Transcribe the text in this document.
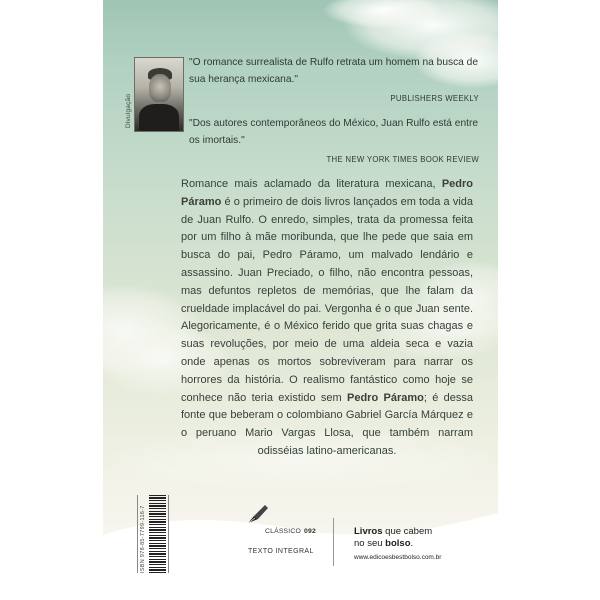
Divulgação
"O romance surrealista de Rulfo retrata um homem na busca de sua herança mexicana."
PUBLISHERS WEEKLY
"Dos autores contemporâneos do México, Juan Rulfo está entre os imortais."
THE NEW YORK TIMES BOOK REVIEW
Romance mais aclamado da literatura mexicana, Pedro Páramo é o primeiro de dois livros lançados em toda a vida de Juan Rulfo. O enredo, simples, trata da promessa feita por um filho à mãe moribunda, que lhe pede que saia em busca do pai, Pedro Páramo, um malvado lendário e assassino. Juan Preciado, o filho, não encontra pessoas, mas defuntos repletos de memórias, que lhe falam da crueldade implacável do pai. Vergonha é o que Juan sente. Alegoricamente, é o México ferido que grita suas chagas e suas revoluções, por meio de uma aldeia seca e vazia onde apenas os mortos sobreviveram para narrar os horrores da história. O realismo fantástico como hoje se conhece não teria existido sem Pedro Páramo; é dessa fonte que beberam o colombiano Gabriel García Márquez e o peruano Mario Vargas Llosa, que também narram odisséias latino-americanas.
ISBN 978-85-7799-116-7	CLÁSSICO 092
TEXTO INTEGRAL
Livros que cabem
no seu bolso.
www.edicoesbestbolso.com.br
